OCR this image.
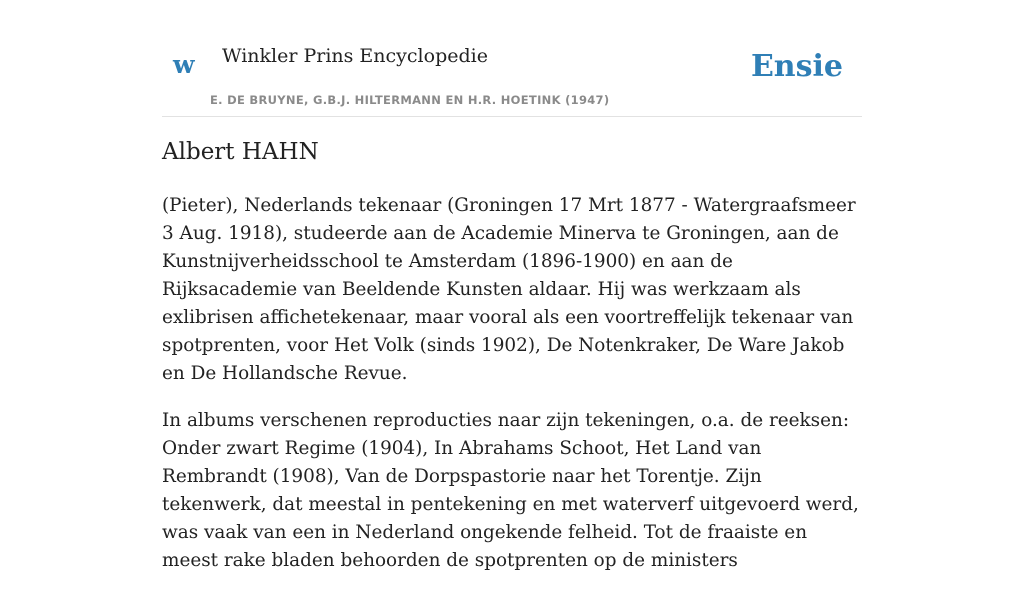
w Winkler Prins Encyclopedie
E. DE BRUYNE, G.B.J. HILTERMANN EN H.R. HOETINK (1947)
Ensie
Albert HAHN

(Pieter), Nederlands tekenaar (Groningen 17 Mrt 1877 - Watergraafsmeer 3 Aug. 1918), studeerde aan de Academie Minerva te Groningen, aan de Kunstnijverheidsschool te Amsterdam (1896-1900) en aan de Rijksacademie van Beeldende Kunsten aldaar. Hij was werkzaam als exlibrisen affichetekenaar, maar vooral als een voortreffelijk tekenaar van spotprenten, voor Het Volk (sinds 1902), De Notenkraker, De Ware Jakob en De Hollandsche Revue.

In albums verschenen reproducties naar zijn tekeningen, o.a. de reeksen: Onder zwart Regime (1904), In Abrahams Schoot, Het Land van Rembrandt (1908), Van de Dorpspastorie naar het Torentje. Zijn tekenwerk, dat meestal in pentekening en met waterverf uitgevoerd werd, was vaak van een in Nederland ongekende felheid. Tot de fraaiste en meest rake bladen behoorden de spotprenten op de ministers
